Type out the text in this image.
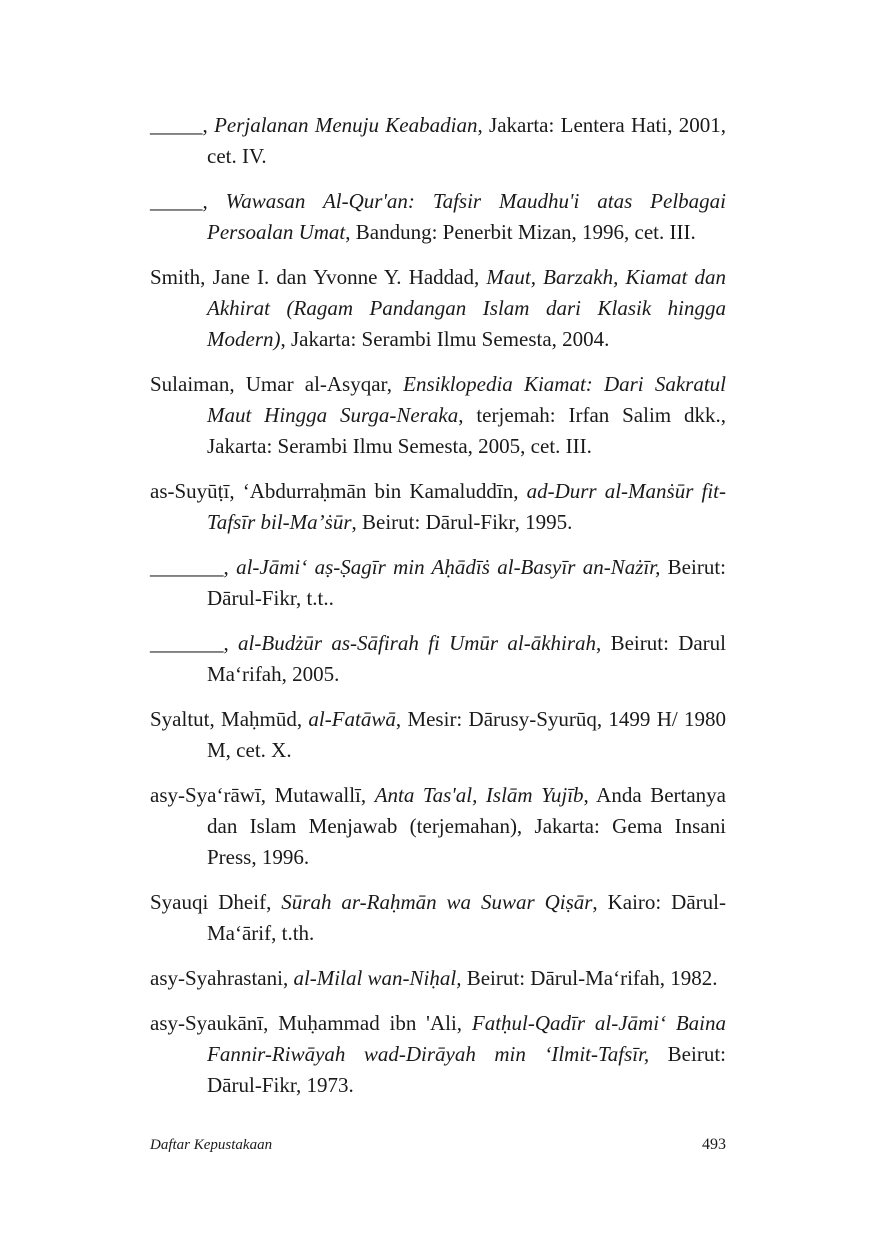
_____, Perjalanan Menuju Keabadian, Jakarta: Lentera Hati, 2001, cet. IV.

_____, Wawasan Al-Qur'an: Tafsir Maudhu'i atas Pelbagai Persoalan Umat, Bandung: Penerbit Mizan, 1996, cet. III.

Smith, Jane I. dan Yvonne Y. Haddad, Maut, Barzakh, Kiamat dan Akhirat (Ragam Pandangan Islam dari Klasik hingga Modern), Jakarta: Serambi Ilmu Semesta, 2004.

Sulaiman, Umar al-Asyqar, Ensiklopedia Kiamat: Dari Sakratul Maut Hingga Surga-Neraka, terjemah: Irfan Salim dkk., Jakarta: Serambi Ilmu Semesta, 2005, cet. III.

as-Suyūṭī, ‘Abdurraḥmān bin Kamaluddīn, ad-Durr al-Manṡūr fit-Tafsīr bil-Ma’ṡūr, Beirut: Dārul-Fikr, 1995.

_______, al-Jāmi‘ aṣ-Ṣagīr min Aḥādīṡ al-Basyīr an-Nażīr, Beirut: Dārul-Fikr, t.t..

_______, al-Budżūr as-Sāfirah fi Umūr al-ākhirah, Beirut: Darul Ma‘rifah, 2005.

Syaltut, Maḥmūd, al-Fatāwā, Mesir: Dārusy-Syurūq, 1499 H/ 1980 M, cet. X.

asy-Sya‘rāwī, Mutawallī, Anta Tas'al, Islām Yujīb, Anda Bertanya dan Islam Menjawab (terjemahan), Jakarta: Gema Insani Press, 1996.

Syauqi Dheif, Sūrah ar-Raḥmān wa Suwar Qiṣār, Kairo: Dārul-Ma‘ārif, t.th.

asy-Syahrastani, al-Milal wan-Niḥal, Beirut: Dārul-Ma‘rifah, 1982.

asy-Syaukānī, Muḥammad ibn 'Ali, Fatḥul-Qadīr al-Jāmi‘ Baina Fannir-Riwāyah wad-Dirāyah min ‘Ilmit-Tafsīr, Beirut: Dārul-Fikr, 1973.

Daftar Kepustakaan	493
